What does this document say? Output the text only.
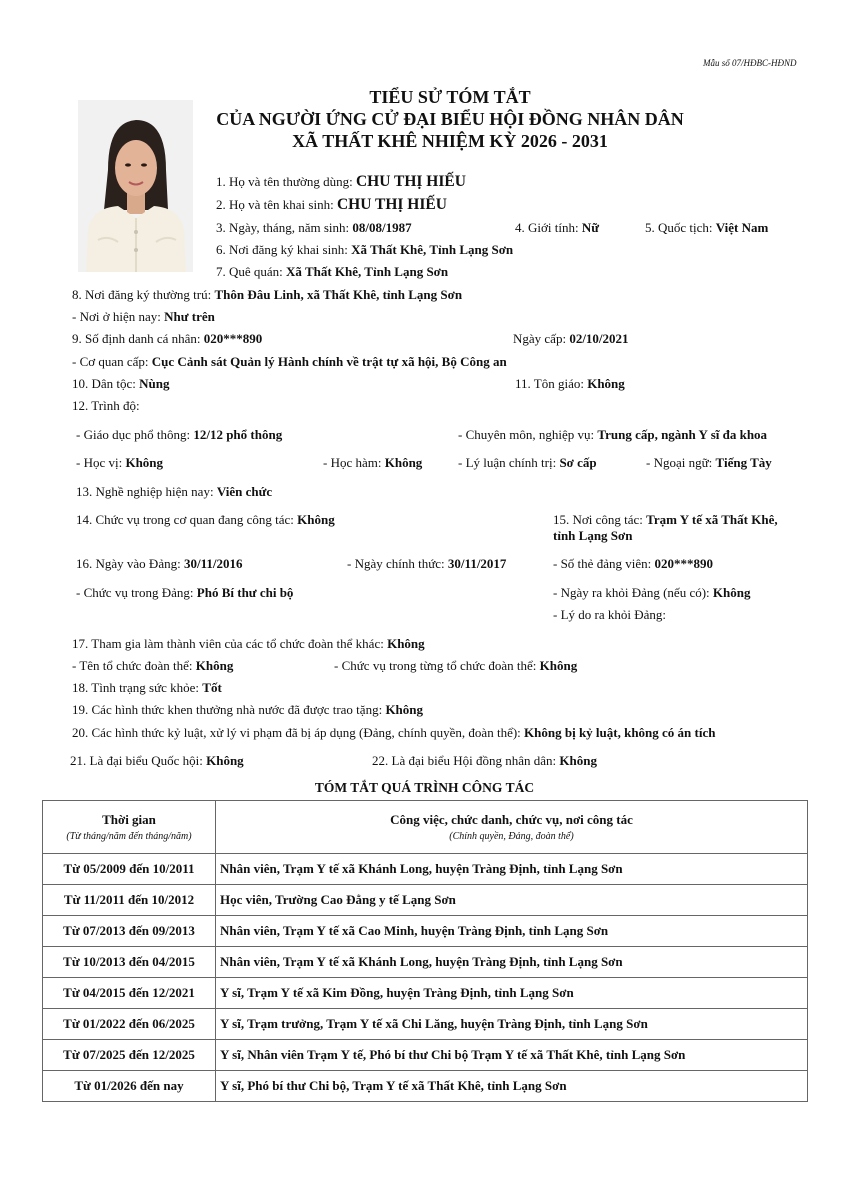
Mẫu số 07/HĐBC-HĐND
TIỂU SỬ TÓM TẮT
CỦA NGƯỜI ỨNG CỬ ĐẠI BIỂU HỘI ĐỒNG NHÂN DÂN
XÃ THẤT KHÊ NHIỆM KỲ 2026 - 2031
1. Họ và tên thường dùng: CHU THỊ HIẾU
2. Họ và tên khai sinh: CHU THỊ HIẾU
3. Ngày, tháng, năm sinh: 08/08/1987	4. Giới tính: Nữ	5. Quốc tịch: Việt Nam
6. Nơi đăng ký khai sinh: Xã Thất Khê, Tỉnh Lạng Sơn
7. Quê quán: Xã Thất Khê, Tỉnh Lạng Sơn
8. Nơi đăng ký thường trú: Thôn Đâu Linh, xã Thất Khê, tỉnh Lạng Sơn
- Nơi ở hiện nay: Như trên
9. Số định danh cá nhân: 020***890	Ngày cấp: 02/10/2021
- Cơ quan cấp: Cục Cảnh sát Quản lý Hành chính về trật tự xã hội, Bộ Công an
10. Dân tộc: Nùng	11. Tôn giáo: Không
12. Trình độ:
- Giáo dục phổ thông: 12/12 phổ thông	- Chuyên môn, nghiệp vụ: Trung cấp, ngành Y sĩ đa khoa
- Học vị: Không	- Học hàm: Không	- Lý luận chính trị: Sơ cấp	- Ngoại ngữ: Tiếng Tày
13. Nghề nghiệp hiện nay: Viên chức
14. Chức vụ trong cơ quan đang công tác: Không	15. Nơi công tác: Trạm Y tế xã Thất Khê,
tỉnh Lạng Sơn
16. Ngày vào Đảng: 30/11/2016	- Ngày chính thức: 30/11/2017	- Số thẻ đảng viên: 020***890
- Chức vụ trong Đảng: Phó Bí thư chi bộ	- Ngày ra khỏi Đảng (nếu có): Không
- Lý do ra khỏi Đảng:
17. Tham gia làm thành viên của các tổ chức đoàn thể khác: Không
- Tên tổ chức đoàn thể: Không	- Chức vụ trong từng tổ chức đoàn thể: Không
18. Tình trạng sức khỏe: Tốt
19. Các hình thức khen thưởng nhà nước đã được trao tặng: Không
20. Các hình thức kỷ luật, xử lý vi phạm đã bị áp dụng (Đảng, chính quyền, đoàn thể): Không bị kỷ luật, không có án tích
21. Là đại biểu Quốc hội: Không	22. Là đại biểu Hội đồng nhân dân: Không
TÓM TẮT QUÁ TRÌNH CÔNG TÁC
Thời gian
(Từ tháng/năm đến tháng/năm)	Công việc, chức danh, chức vụ, nơi công tác
(Chính quyền, Đảng, đoàn thể)

Từ 05/2009 đến 10/2011	Nhân viên, Trạm Y tế xã Khánh Long, huyện Tràng Định, tỉnh Lạng Sơn
Từ 11/2011 đến 10/2012	Học viên, Trường Cao Đẳng y tế Lạng Sơn
Từ 07/2013 đến 09/2013	Nhân viên, Trạm Y tế xã Cao Minh, huyện Tràng Định, tỉnh Lạng Sơn
Từ 10/2013 đến 04/2015	Nhân viên, Trạm Y tế xã Khánh Long, huyện Tràng Định, tỉnh Lạng Sơn
Từ 04/2015 đến 12/2021	Y sĩ, Trạm Y tế xã Kim Đồng, huyện Tràng Định, tỉnh Lạng Sơn
Từ 01/2022 đến 06/2025	Y sĩ, Trạm trưởng, Trạm Y tế xã Chi Lăng, huyện Tràng Định, tỉnh Lạng Sơn
Từ 07/2025 đến 12/2025	Y sĩ, Nhân viên Trạm Y tế, Phó bí thư Chi bộ Trạm Y tế xã Thất Khê, tỉnh Lạng Sơn
Từ 01/2026 đến nay	Y sĩ, Phó bí thư Chi bộ, Trạm Y tế xã Thất Khê, tỉnh Lạng Sơn
